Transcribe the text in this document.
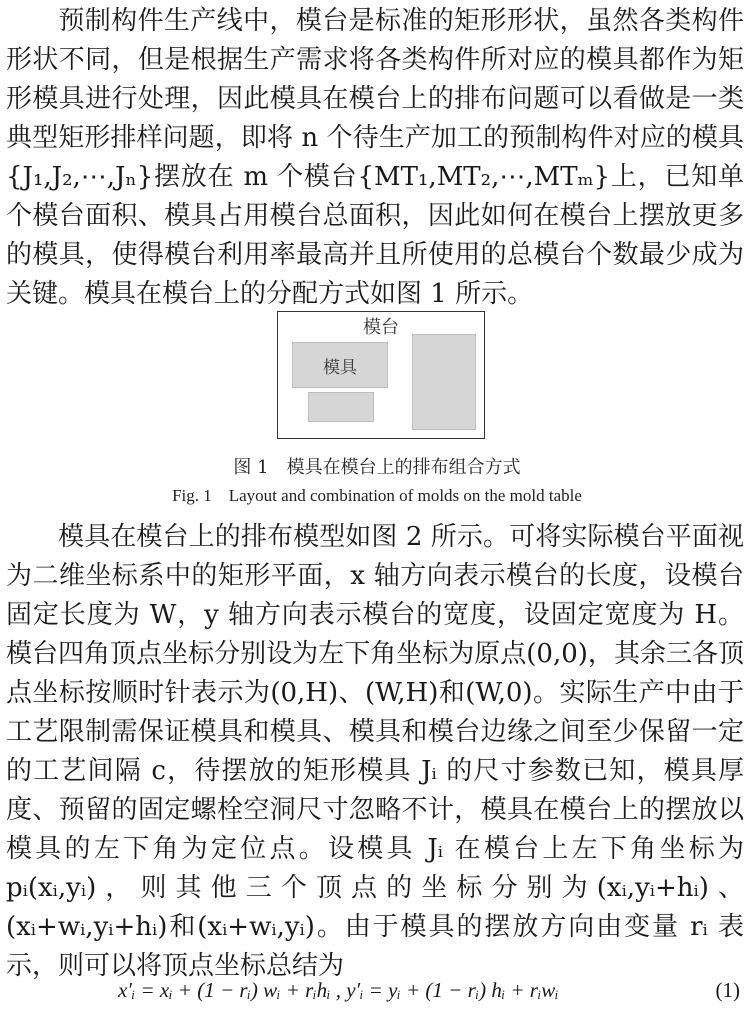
预制构件生产线中，模台是标准的矩形形状，虽然各类构件形状不同，但是根据生产需求将各类构件所对应的模具都作为矩形模具进行处理，因此模具在模台上的排布问题可以看做是一类典型矩形排样问题，即将 n 个待生产加工的预制构件对应的模具{J₁,J₂,⋯,Jₙ}摆放在 m 个模台{MT₁,MT₂,⋯,MTₘ}上，已知单个模台面积、模具占用模台总面积，因此如何在模台上摆放更多的模具，使得模台利用率最高并且所使用的总模台个数最少成为关键。模具在模台上的分配方式如图 1 所示。

模台
模具
图 1　模具在模台上的排布组合方式
Fig. 1　Layout and combination of molds on the mold table

模具在模台上的排布模型如图 2 所示。可将实际模台平面视为二维坐标系中的矩形平面，x 轴方向表示模台的长度，设模台固定长度为 W，y 轴方向表示模台的宽度，设固定宽度为 H。模台四角顶点坐标分别设为左下角坐标为原点(0,0)，其余三各顶点坐标按顺时针表示为(0,H)、(W,H)和(W,0)。实际生产中由于工艺限制需保证模具和模具、模具和模台边缘之间至少保留一定的工艺间隔 c，待摆放的矩形模具 Jᵢ 的尺寸参数已知，模具厚度、预留的固定螺栓空洞尺寸忽略不计，模具在模台上的摆放以模具的左下角为定位点。设模具 Jᵢ 在模台上左下角坐标为 pᵢ(xᵢ,yᵢ)，则其他三个顶点的坐标分别为(xᵢ,yᵢ+hᵢ)、(xᵢ+wᵢ,yᵢ+hᵢ)和(xᵢ+wᵢ,yᵢ)。由于模具的摆放方向由变量 rᵢ 表示，则可以将顶点坐标总结为

x′ᵢ = xᵢ + (1 − rᵢ) wᵢ + rᵢhᵢ , y′ᵢ = yᵢ + (1 − rᵢ) hᵢ + rᵢwᵢ	(1)
